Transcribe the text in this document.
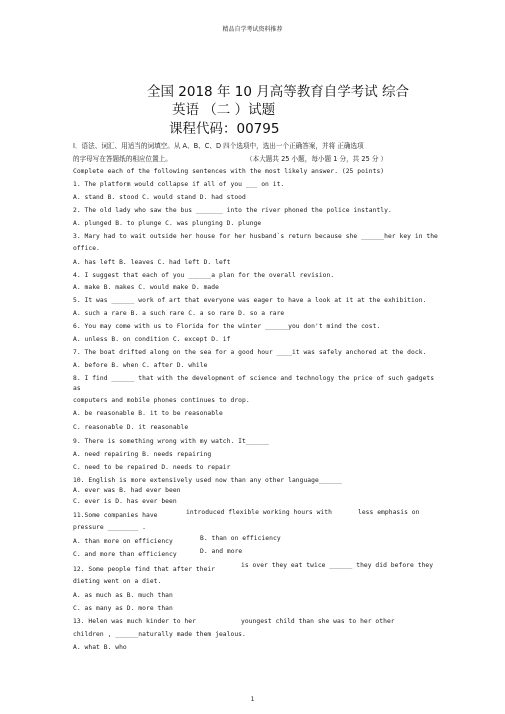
精品自学考试资料推荐
全国 2018 年 10 月高等教育自学考试 综合
英语 （二 ）试题
课程代码：00795
Ⅰ．语法、词汇、用适当的词填空。从 A、B、C、D 四个选项中，选出一个正确答案，并将 正确选项
的字母写在答题纸的相应位置上。	（本大题共 25 小题，每小题 1 分，共 25 分 ）
Complete each of the following sentences with the most likely answer. (25 points)
1. The platform would collapse if all of you ___ on it.
A. stand B. stood C. would stand D. had stood
2. The old lady who saw the bus _______ into the river phoned the police instantly.
A. plunged B. to plunge C. was plunging D. plunge
3. Mary had to wait outside her house for her husband`s return because she ______her key in the
office.
A. has left B. leaves C. had left D. left
4. I suggest that each of you ______a plan for the overall revision.
A. make B. makes C. would make D. made
5. It was ______ work of art that everyone was eager to have a look at it at the exhibition.
A. such a rare B. a such rare C. a so rare D. so a rare
6. You may come with us to Florida for the winter ______you don't mind the cost.
A. unless B. on condition C. except D. if
7. The boat drifted along on the sea for a good hour ____it was safely anchored at the dock.
A. before B. when C. after D. while
8. I find ______ that with the development of science and technology the price of such gadgets
as
computers and mobile phones continues to drop.
A. be reasonable B. it to be reasonable
C. reasonable D. it reasonable
9. There is something wrong with my watch. It______
A. need repairing B. needs repairing
C. need to be repaired D. needs to repair
10. English is more extensively used now than any other language______
A. ever was B. had ever been
C. ever is D. has ever been
11.Some companies have	introduced flexible working hours with	less emphasis on
pressure ________ .
A. than more on efficiency	B. than on efficiency
C. and more than efficiency	D. and more
12. Some people find that after their
is over they eat twice ______ they did before they
dieting went on a diet.
A. as much as B. much than
C. as many as D. more than
13. Helen was much kinder to her	youngest child than she was to her other
children , ______naturally made them jealous.
A. what B. who
1
